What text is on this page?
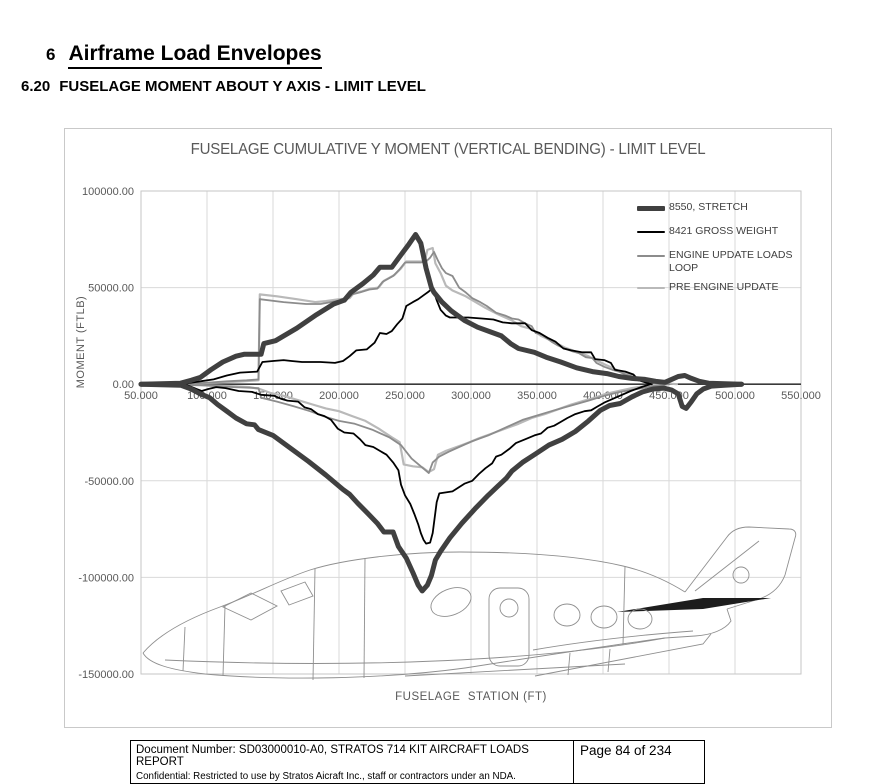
6 Airframe Load Envelopes
6.20 FUSELAGE MOMENT ABOUT Y AXIS - LIMIT LEVEL
FUSELAGE CUMULATIVE Y MOMENT (VERTICAL BENDING) - LIMIT LEVEL
MOMENT (FTLB)
50.000	100.000 150.000 200.000 250.000 300.000 350.000 400.000 450.000 500.000 550.000
100000.00
50000.00
0.00
-50000.00
-100000.00
-150000.00
8550, STRETCH
8421 GROSS WEIGHT
ENGINE UPDATE LOADS LOOP
PRE ENGINE UPDATE
FUSELAGE  STATION (FT)
Document Number: SD03000010-A0, STRATOS 714 KIT AIRCRAFT LOADS REPORT
Confidential: Restricted to use by Stratos Aicraft Inc., staff or contractors under an NDA.
Page 84 of 234
